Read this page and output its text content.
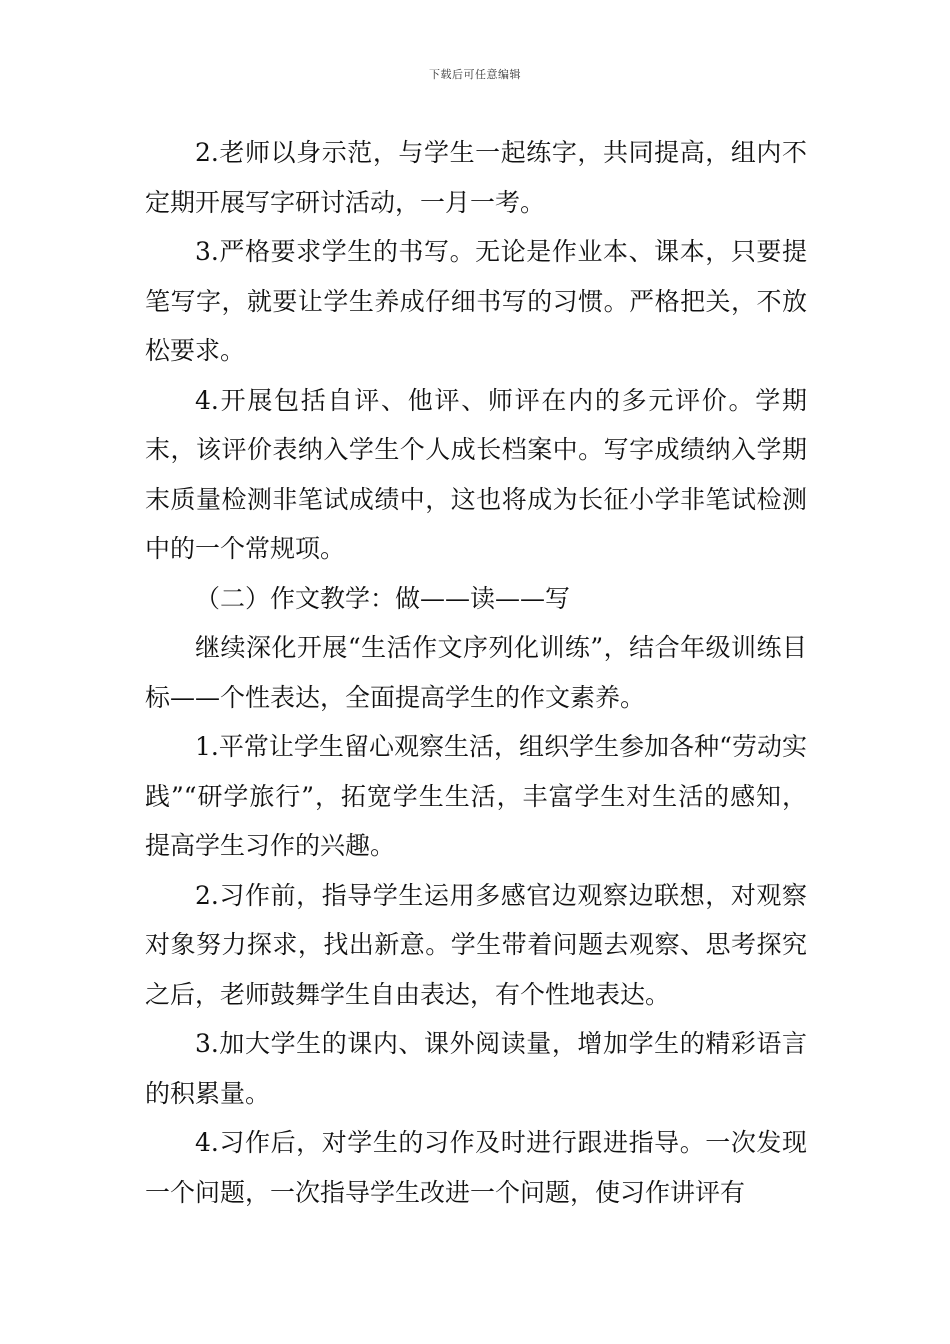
下载后可任意编辑

2.老师以身示范，与学生一起练字，共同提高，组内不定期开展写字研讨活动，一月一考。

3.严格要求学生的书写。无论是作业本、课本，只要提笔写字，就要让学生养成仔细书写的习惯。严格把关，不放松要求。

4.开展包括自评、他评、师评在内的多元评价。学期末，该评价表纳入学生个人成长档案中。写字成绩纳入学期末质量检测非笔试成绩中，这也将成为长征小学非笔试检测中的一个常规项。

（二）作文教学：做——读——写

继续深化开展“生活作文序列化训练”，结合年级训练目标——个性表达，全面提高学生的作文素养。

1.平常让学生留心观察生活，组织学生参加各种“劳动实践”“研学旅行”，拓宽学生生活，丰富学生对生活的感知，提高学生习作的兴趣。

2.习作前，指导学生运用多感官边观察边联想，对观察对象努力探求，找出新意。学生带着问题去观察、思考探究之后，老师鼓舞学生自由表达，有个性地表达。

3.加大学生的课内、课外阅读量，增加学生的精彩语言的积累量。

4.习作后，对学生的习作及时进行跟进指导。一次发现一个问题，一次指导学生改进一个问题，使习作讲评有
